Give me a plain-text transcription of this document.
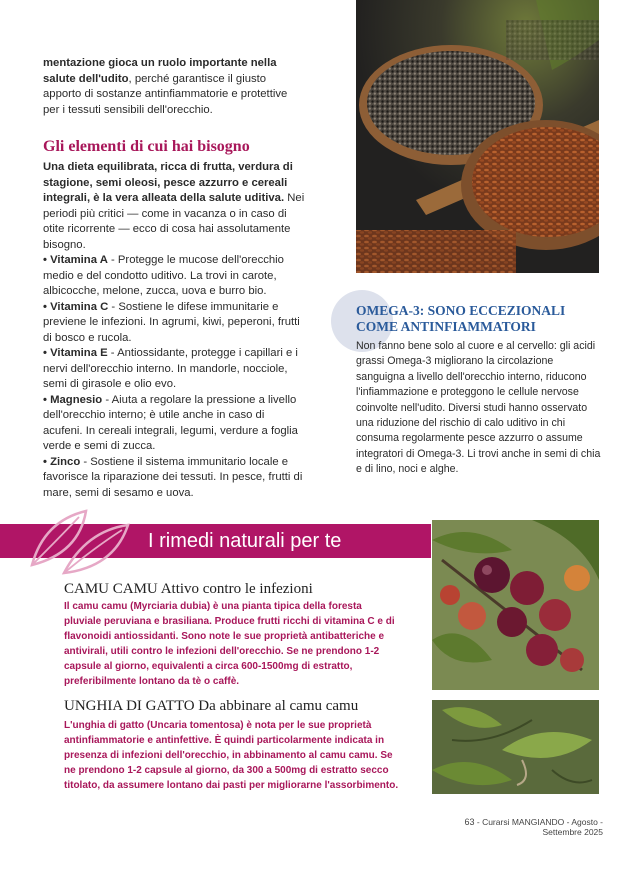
mentazione gioca un ruolo importante nella salute dell'udito, perché garantisce il giusto apporto di sostanze antinfiammatorie e protettive per i tessuti sensibili dell'orecchio.

Gli elementi di cui hai bisogno

Una dieta equilibrata, ricca di frutta, verdura di stagione, semi oleosi, pesce azzurro e cereali integrali, è la vera alleata della salute uditiva. Nei periodi più critici — come in vacanza o in caso di otite ricorrente — ecco di cosa hai assolutamente bisogno.

• Vitamina A - Protegge le mucose dell'orecchio medio e del condotto uditivo. La trovi in carote, albicocche, melone, zucca, uova e burro bio.

• Vitamina C - Sostiene le difese immunitarie e previene le infezioni. In agrumi, kiwi, peperoni, frutti di bosco e rucola.

• Vitamina E - Antiossidante, protegge i capillari e i nervi dell'orecchio interno. In mandorle, nocciole, semi di girasole e olio evo.

• Magnesio - Aiuta a regolare la pressione a livello dell'orecchio interno; è utile anche in caso di acufeni. In cereali integrali, legumi, verdure a foglia verde e semi di zucca.

• Zinco - Sostiene il sistema immunitario locale e favorisce la riparazione dei tessuti. In pesce, frutti di mare, semi di sesamo e uova.

OMEGA-3: SONO ECCEZIONALI COME ANTINFIAMMATORI

Non fanno bene solo al cuore e al cervello: gli acidi grassi Omega-3 migliorano la circolazione sanguigna a livello dell'orecchio interno, riducono l'infiammazione e proteggono le cellule nervose coinvolte nell'udito. Diversi studi hanno osservato una riduzione del rischio di calo uditivo in chi consuma regolarmente pesce azzurro o assume integratori di Omega-3. Li trovi anche in semi di chia e di lino, noci e alghe.

I rimedi naturali per te
CAMU CAMU Attivo contro le infezioni

Il camu camu (Myrciaria dubia) è una pianta tipica della foresta pluviale peruviana e brasiliana. Produce frutti ricchi di vitamina C e di flavonoidi antiossidanti. Sono note le sue proprietà antibatteriche e antivirali, utili contro le infezioni dell'orecchio. Se ne prendono 1-2 capsule al giorno, equivalenti a circa 600-1500mg di estratto, preferibilmente lontano da tè o caffè.

UNGHIA DI GATTO Da abbinare al camu camu

L'unghia di gatto (Uncaria tomentosa) è nota per le sue proprietà antinfiammatorie e antinfettive. È quindi particolarmente indicata in presenza di infezioni dell'orecchio, in abbinamento al camu camu. Se ne prendono 1-2 capsule al giorno, da 300 a 500mg di estratto secco titolato, da assumere lontano dai pasti per migliorarne l'assorbimento.

63 - Curarsi MANGIANDO - Agosto - Settembre 2025
